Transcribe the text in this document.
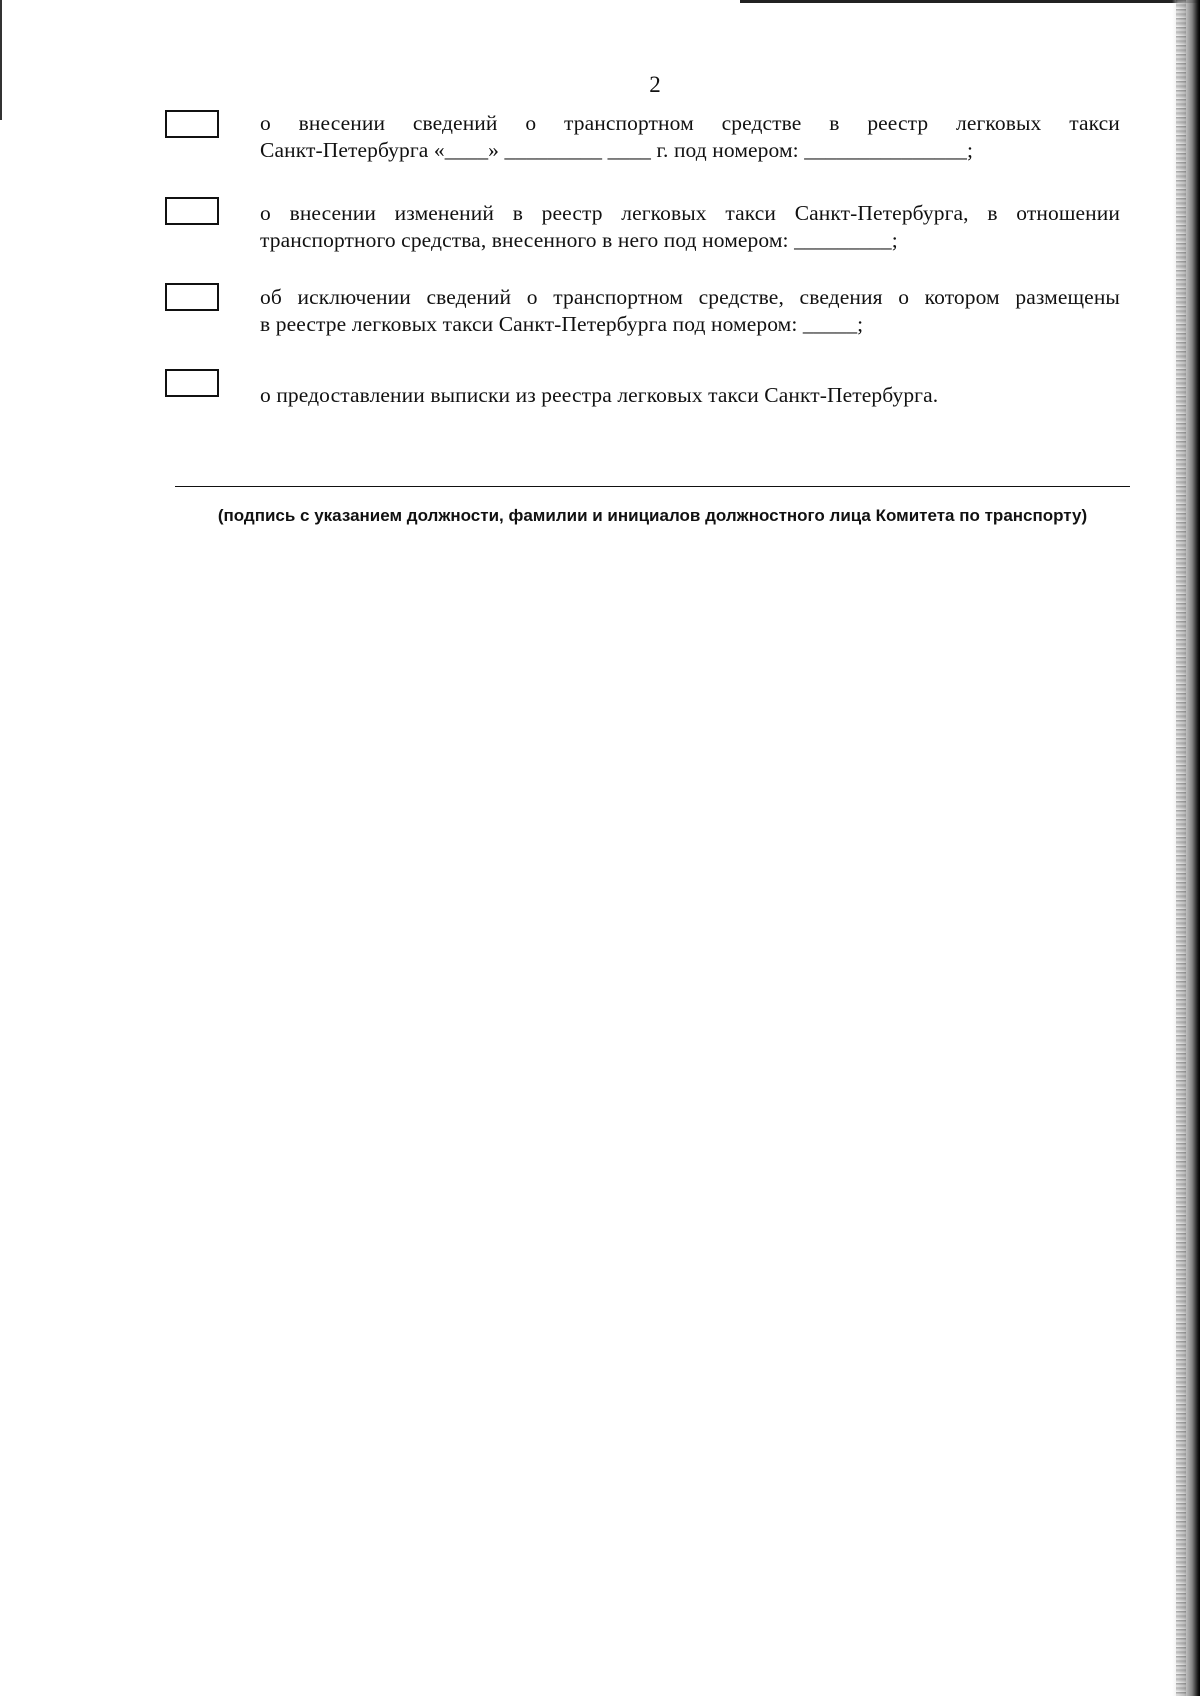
2
о внесении сведений о транспортном средстве в реестр легковых такси
Санкт-Петербурга «____» _________ ____ г. под номером: _______________;
о внесении изменений в реестр легковых такси Санкт-Петербурга, в отношении
транспортного средства, внесенного в него под номером: _________;
об исключении сведений о транспортном средстве, сведения о котором размещены
в реестре легковых такси Санкт-Петербурга под номером: _____;
о предоставлении выписки из реестра легковых такси Санкт-Петербурга.
(подпись с указанием должности, фамилии и инициалов должностного лица Комитета по транспорту)
